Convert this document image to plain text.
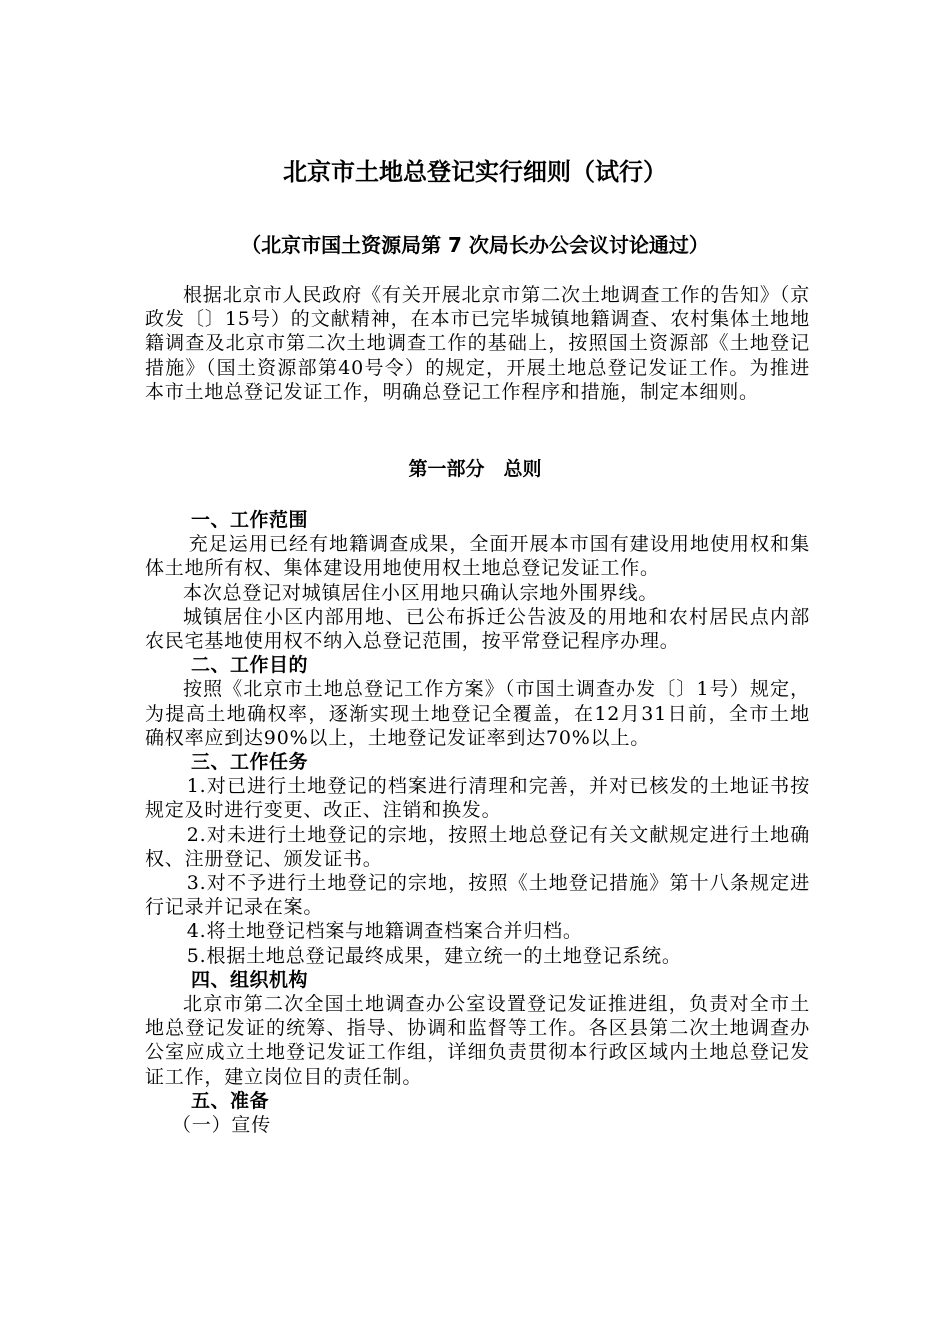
北京市土地总登记实行细则（试行）
（北京市国土资源局第 7 次局长办公会议讨论通过）

根据北京市人民政府《有关开展北京市第二次土地调查工作的告知》（京政发〔〕15号）的文献精神，在本市已完毕城镇地籍调查、农村集体土地地籍调查及北京市第二次土地调查工作的基础上，按照国土资源部《土地登记措施》（国土资源部第40号令）的规定，开展土地总登记发证工作。为推进本市土地总登记发证工作，明确总登记工作程序和措施，制定本细则。

第一部分　总则

一、工作范围

充足运用已经有地籍调查成果，全面开展本市国有建设用地使用权和集体土地所有权、集体建设用地使用权土地总登记发证工作。

本次总登记对城镇居住小区用地只确认宗地外围界线。

城镇居住小区内部用地、已公布拆迁公告波及的用地和农村居民点内部农民宅基地使用权不纳入总登记范围，按平常登记程序办理。

二、工作目的

按照《北京市土地总登记工作方案》（市国土调查办发〔〕1号）规定，为提高土地确权率，逐渐实现土地登记全覆盖，在12月31日前，全市土地确权率应到达90%以上，土地登记发证率到达70%以上。

三、工作任务

1.对已进行土地登记的档案进行清理和完善，并对已核发的土地证书按规定及时进行变更、改正、注销和换发。

2.对未进行土地登记的宗地，按照土地总登记有关文献规定进行土地确权、注册登记、颁发证书。

3.对不予进行土地登记的宗地，按照《土地登记措施》第十八条规定进行记录并记录在案。

4.将土地登记档案与地籍调查档案合并归档。

5.根据土地总登记最终成果，建立统一的土地登记系统。

四、组织机构

北京市第二次全国土地调查办公室设置登记发证推进组，负责对全市土地总登记发证的统筹、指导、协调和监督等工作。各区县第二次土地调查办公室应成立土地登记发证工作组，详细负责贯彻本行政区域内土地总登记发证工作，建立岗位目的责任制。

五、准备

（一）宣传
